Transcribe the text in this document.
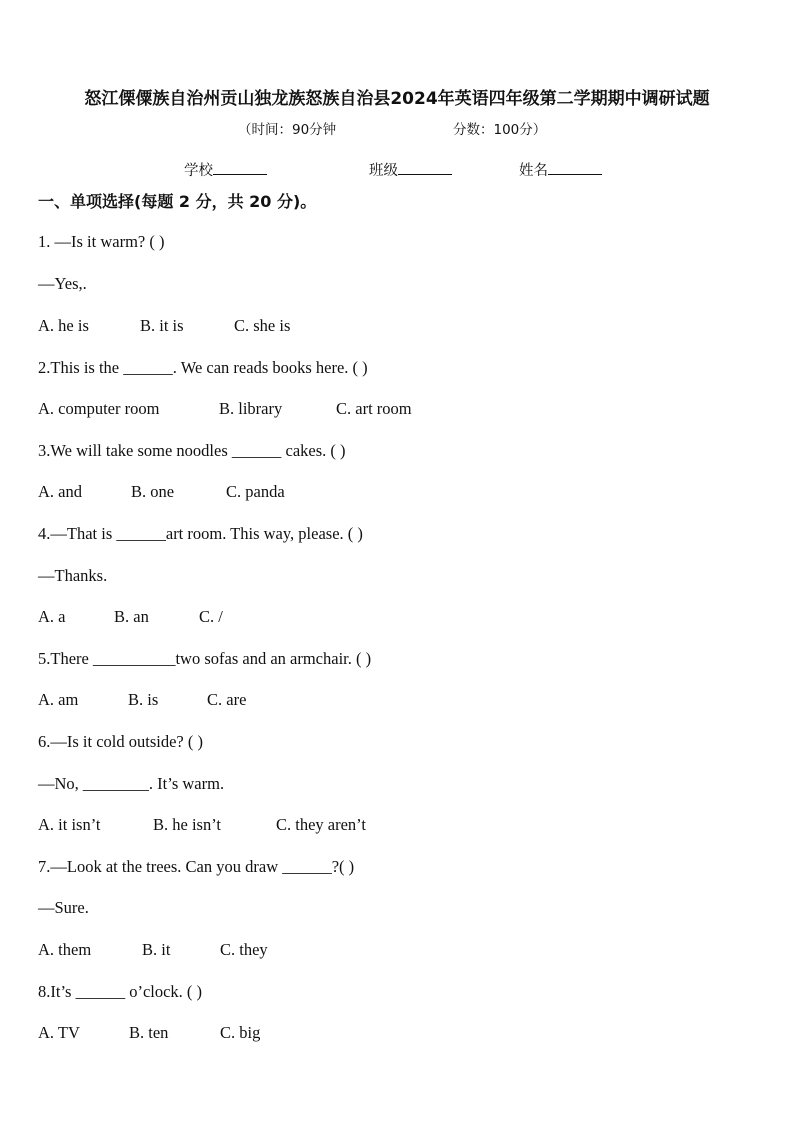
怒江傈僳族自治州贡山独龙族怒族自治县2024年英语四年级第二学期期中调研试题
（时间：90分钟	分数：100分）
学校	班级	姓名
一、单项选择(每题 2 分，共 20 分)。
1. —Is it warm? ( )
—Yes,.
A. he is	B. it is	C. she is
2.This is the ______. We can reads books here. ( )
A. computer room	B. library	C. art room
3.We will take some noodles ______ cakes. ( )
A. and	B. one	C. panda
4.—That is ______art room. This way, please. ( )
—Thanks.
A. a	B. an	C. /
5.There __________two sofas and an armchair. ( )
A. am	B. is	C. are
6.—Is it cold outside? ( )
—No, ________. It’s warm.
A. it isn’t	B. he isn’t	C. they aren’t
7.—Look at the trees. Can you draw ______?( )
—Sure.
A. them	B. it	C. they
8.It’s ______ o’clock. ( )
A. TV	B. ten	C. big
